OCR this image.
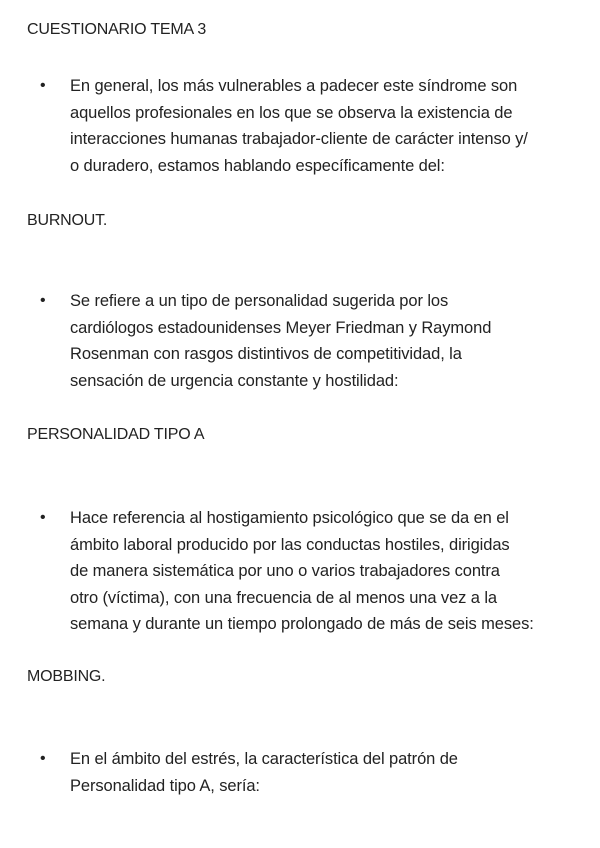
CUESTIONARIO TEMA 3
• En general, los más vulnerables a padecer este síndrome son
aquellos profesionales en los que se observa la existencia de
interacciones humanas trabajador-cliente de carácter intenso y/
o duradero, estamos hablando específicamente del:
BURNOUT.
• Se refiere a un tipo de personalidad sugerida por los
cardiólogos estadounidenses Meyer Friedman y Raymond
Rosenman con rasgos distintivos de competitividad, la
sensación de urgencia constante y hostilidad:
PERSONALIDAD TIPO A
• Hace referencia al hostigamiento psicológico que se da en el
ámbito laboral producido por las conductas hostiles, dirigidas
de manera sistemática por uno o varios trabajadores contra
otro (víctima), con una frecuencia de al menos una vez a la
semana y durante un tiempo prolongado de más de seis meses:
MOBBING.
• En el ámbito del estrés, la característica del patrón de
Personalidad tipo A, sería:
